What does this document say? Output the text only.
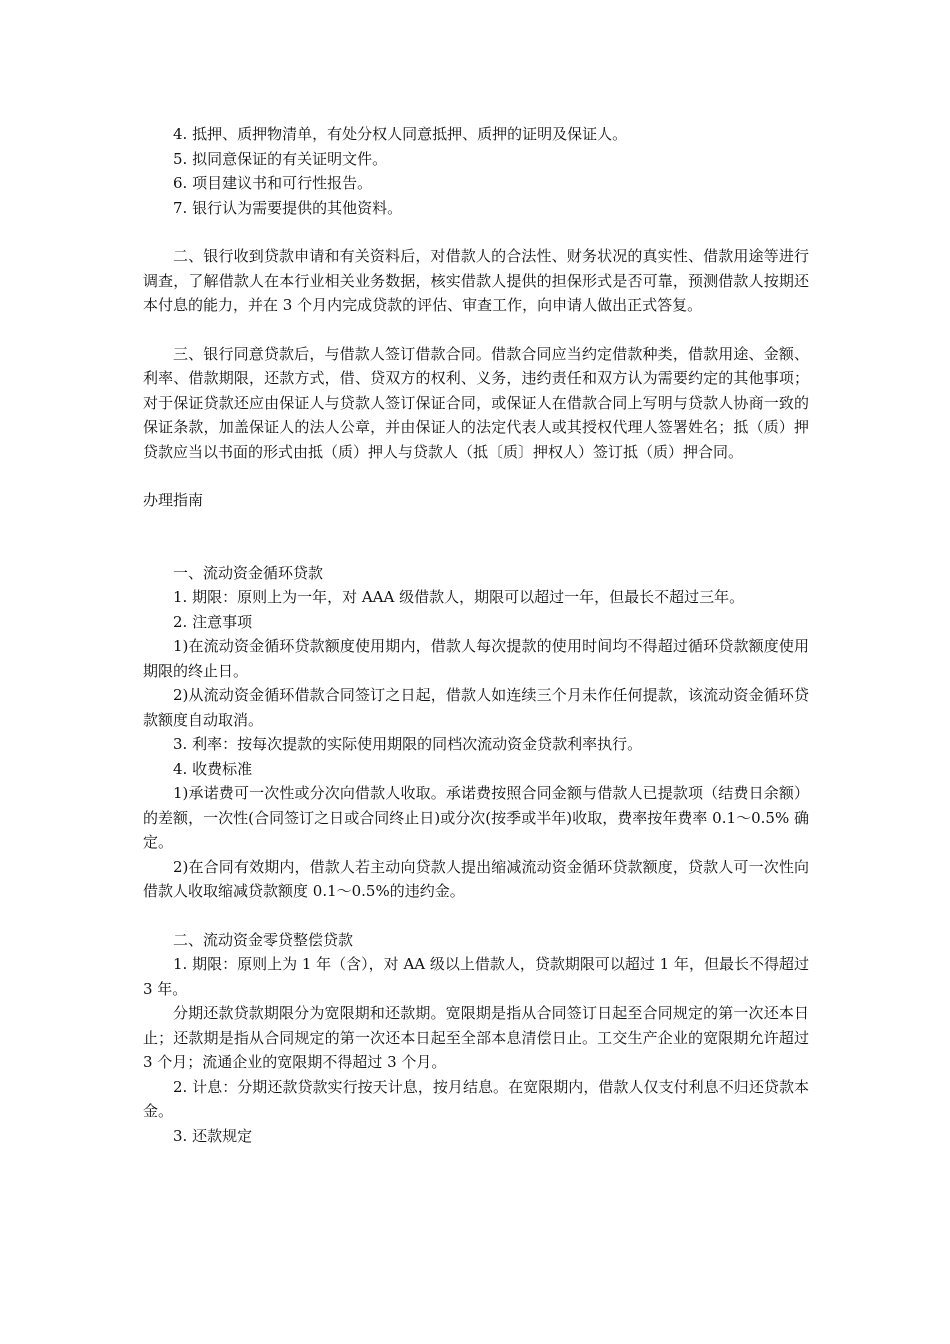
4. 抵押、质押物清单，有处分权人同意抵押、质押的证明及保证人。

5. 拟同意保证的有关证明文件。

6. 项目建议书和可行性报告。

7. 银行认为需要提供的其他资料。

二、银行收到贷款申请和有关资料后，对借款人的合法性、财务状况的真实性、借款用途等进行调查，了解借款人在本行业相关业务数据，核实借款人提供的担保形式是否可靠，预测借款人按期还本付息的能力，并在 3 个月内完成贷款的评估、审查工作，向申请人做出正式答复。

三、银行同意贷款后，与借款人签订借款合同。借款合同应当约定借款种类，借款用途、金额、利率、借款期限，还款方式，借、贷双方的权利、义务，违约责任和双方认为需要约定的其他事项；对于保证贷款还应由保证人与贷款人签订保证合同，或保证人在借款合同上写明与贷款人协商一致的保证条款，加盖保证人的法人公章，并由保证人的法定代表人或其授权代理人签署姓名；抵（质）押贷款应当以书面的形式由抵（质）押人与贷款人（抵〔质〕押权人）签订抵（质）押合同。

办理指南

一、流动资金循环贷款

1. 期限：原则上为一年，对 AAA 级借款人，期限可以超过一年，但最长不超过三年。

2. 注意事项

1)在流动资金循环贷款额度使用期内，借款人每次提款的使用时间均不得超过循环贷款额度使用期限的终止日。

2)从流动资金循环借款合同签订之日起，借款人如连续三个月未作任何提款，该流动资金循环贷款额度自动取消。

3. 利率：按每次提款的实际使用期限的同档次流动资金贷款利率执行。

4. 收费标准

1)承诺费可一次性或分次向借款人收取。承诺费按照合同金额与借款人已提款项（结费日余额）的差额，一次性(合同签订之日或合同终止日)或分次(按季或半年)收取，费率按年费率 0.1～0.5% 确定。

2)在合同有效期内，借款人若主动向贷款人提出缩减流动资金循环贷款额度，贷款人可一次性向借款人收取缩减贷款额度 0.1～0.5%的违约金。

二、流动资金零贷整偿贷款

1. 期限：原则上为 1 年（含），对 AA 级以上借款人，贷款期限可以超过 1 年，但最长不得超过 3 年。

分期还款贷款期限分为宽限期和还款期。宽限期是指从合同签订日起至合同规定的第一次还本日止；还款期是指从合同规定的第一次还本日起至全部本息清偿日止。工交生产企业的宽限期允许超过 3 个月；流通企业的宽限期不得超过 3 个月。

2. 计息：分期还款贷款实行按天计息，按月结息。在宽限期内，借款人仅支付利息不归还贷款本金。

3. 还款规定
